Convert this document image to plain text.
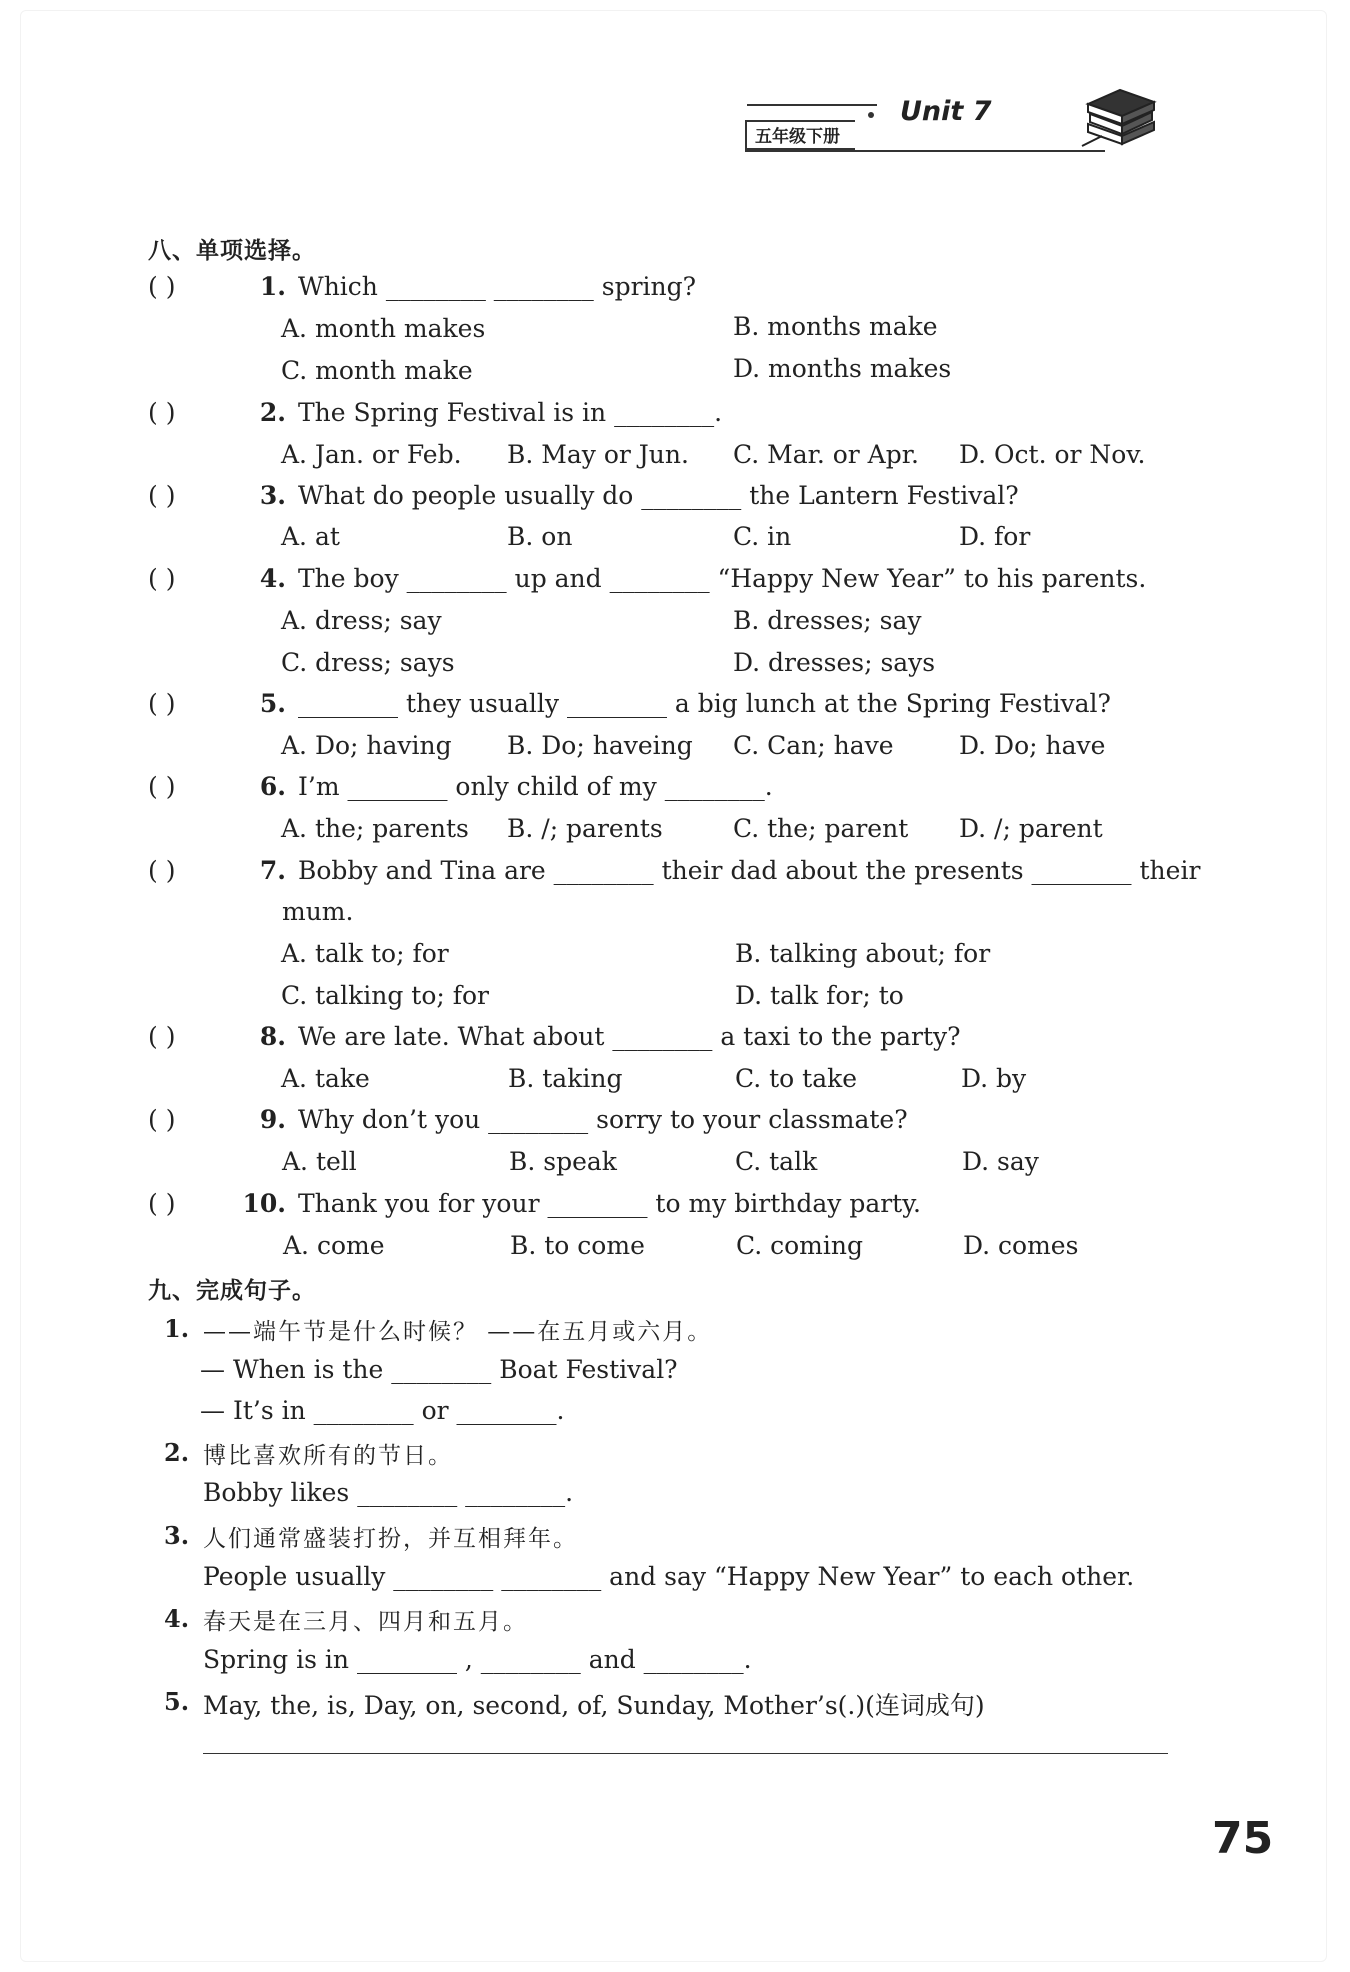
五年级下册
Unit 7
八、单项选择。
( )	1. Which ________ ________ spring?
A. month makes	B. months make
C. month make	D. months makes
( )	2. The Spring Festival is in ________.
A. Jan. or Feb. B. May or Jun. C. Mar. or Apr. D. Oct. or Nov.
( )	3. What do people usually do ________ the Lantern Festival?
A. at	B. on	C. in	D. for
( )	4. The boy ________ up and ________ “Happy New Year” to his parents.
A. dress; say	B. dresses; say
C. dress; says	D. dresses; says
( )	5. ________ they usually ________ a big lunch at the Spring Festival?
A. Do; having B. Do; haveing C. Can; have	D. Do; have
( )	6. I’m ________ only child of my ________.
A. the; parents B. /; parents	C. the; parent D. /; parent
( )	7. Bobby and Tina are ________ their dad about the presents ________ their
mum.
A. talk to; for	B. talking about; for
C. talking to; for	D. talk for; to
( )	8. We are late. What about ________ a taxi to the party?
A. take	B. taking	C. to take	D. by
( )	9. Why don’t you ________ sorry to your classmate?
A. tell	B. speak	C. talk	D. say
( )	10. Thank you for your ________ to my birthday party.
A. come	B. to come	C. coming	D. comes
九、完成句子。
1. ——端午节是什么时候？ ——在五月或六月。
— When is the ________ Boat Festival?
— It’s in ________ or ________.
2. 博比喜欢所有的节日。
Bobby likes ________ ________.
3. 人们通常盛装打扮，并互相拜年。
People usually ________ ________ and say “Happy New Year” to each other.
4. 春天是在三月、四月和五月。
Spring is in ________ , ________ and ________.
5. May, the, is, Day, on, second, of, Sunday, Mother’s(.)(连词成句)
75
